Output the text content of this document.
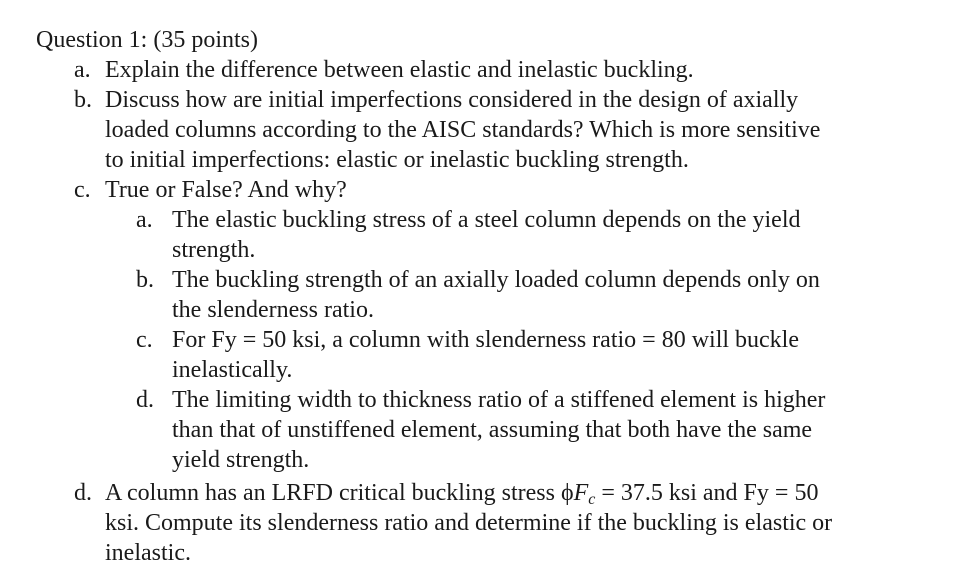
Question 1: (35 points)
a. Explain the difference between elastic and inelastic buckling.
b. Discuss how are initial imperfections considered in the design of axially
loaded columns according to the AISC standards? Which is more sensitive
to initial imperfections: elastic or inelastic buckling strength.
c. True or False? And why?
a. The elastic buckling stress of a steel column depends on the yield
strength.
b. The buckling strength of an axially loaded column depends only on
the slenderness ratio.
c. For Fy = 50 ksi, a column with slenderness ratio = 80 will buckle
inelastically.
d. The limiting width to thickness ratio of a stiffened element is higher
than that of unstiffened element, assuming that both have the same
yield strength.
d. A column has an LRFD critical buckling stress ϕFc = 37.5 ksi and Fy = 50
ksi. Compute its slenderness ratio and determine if the buckling is elastic or
inelastic.
